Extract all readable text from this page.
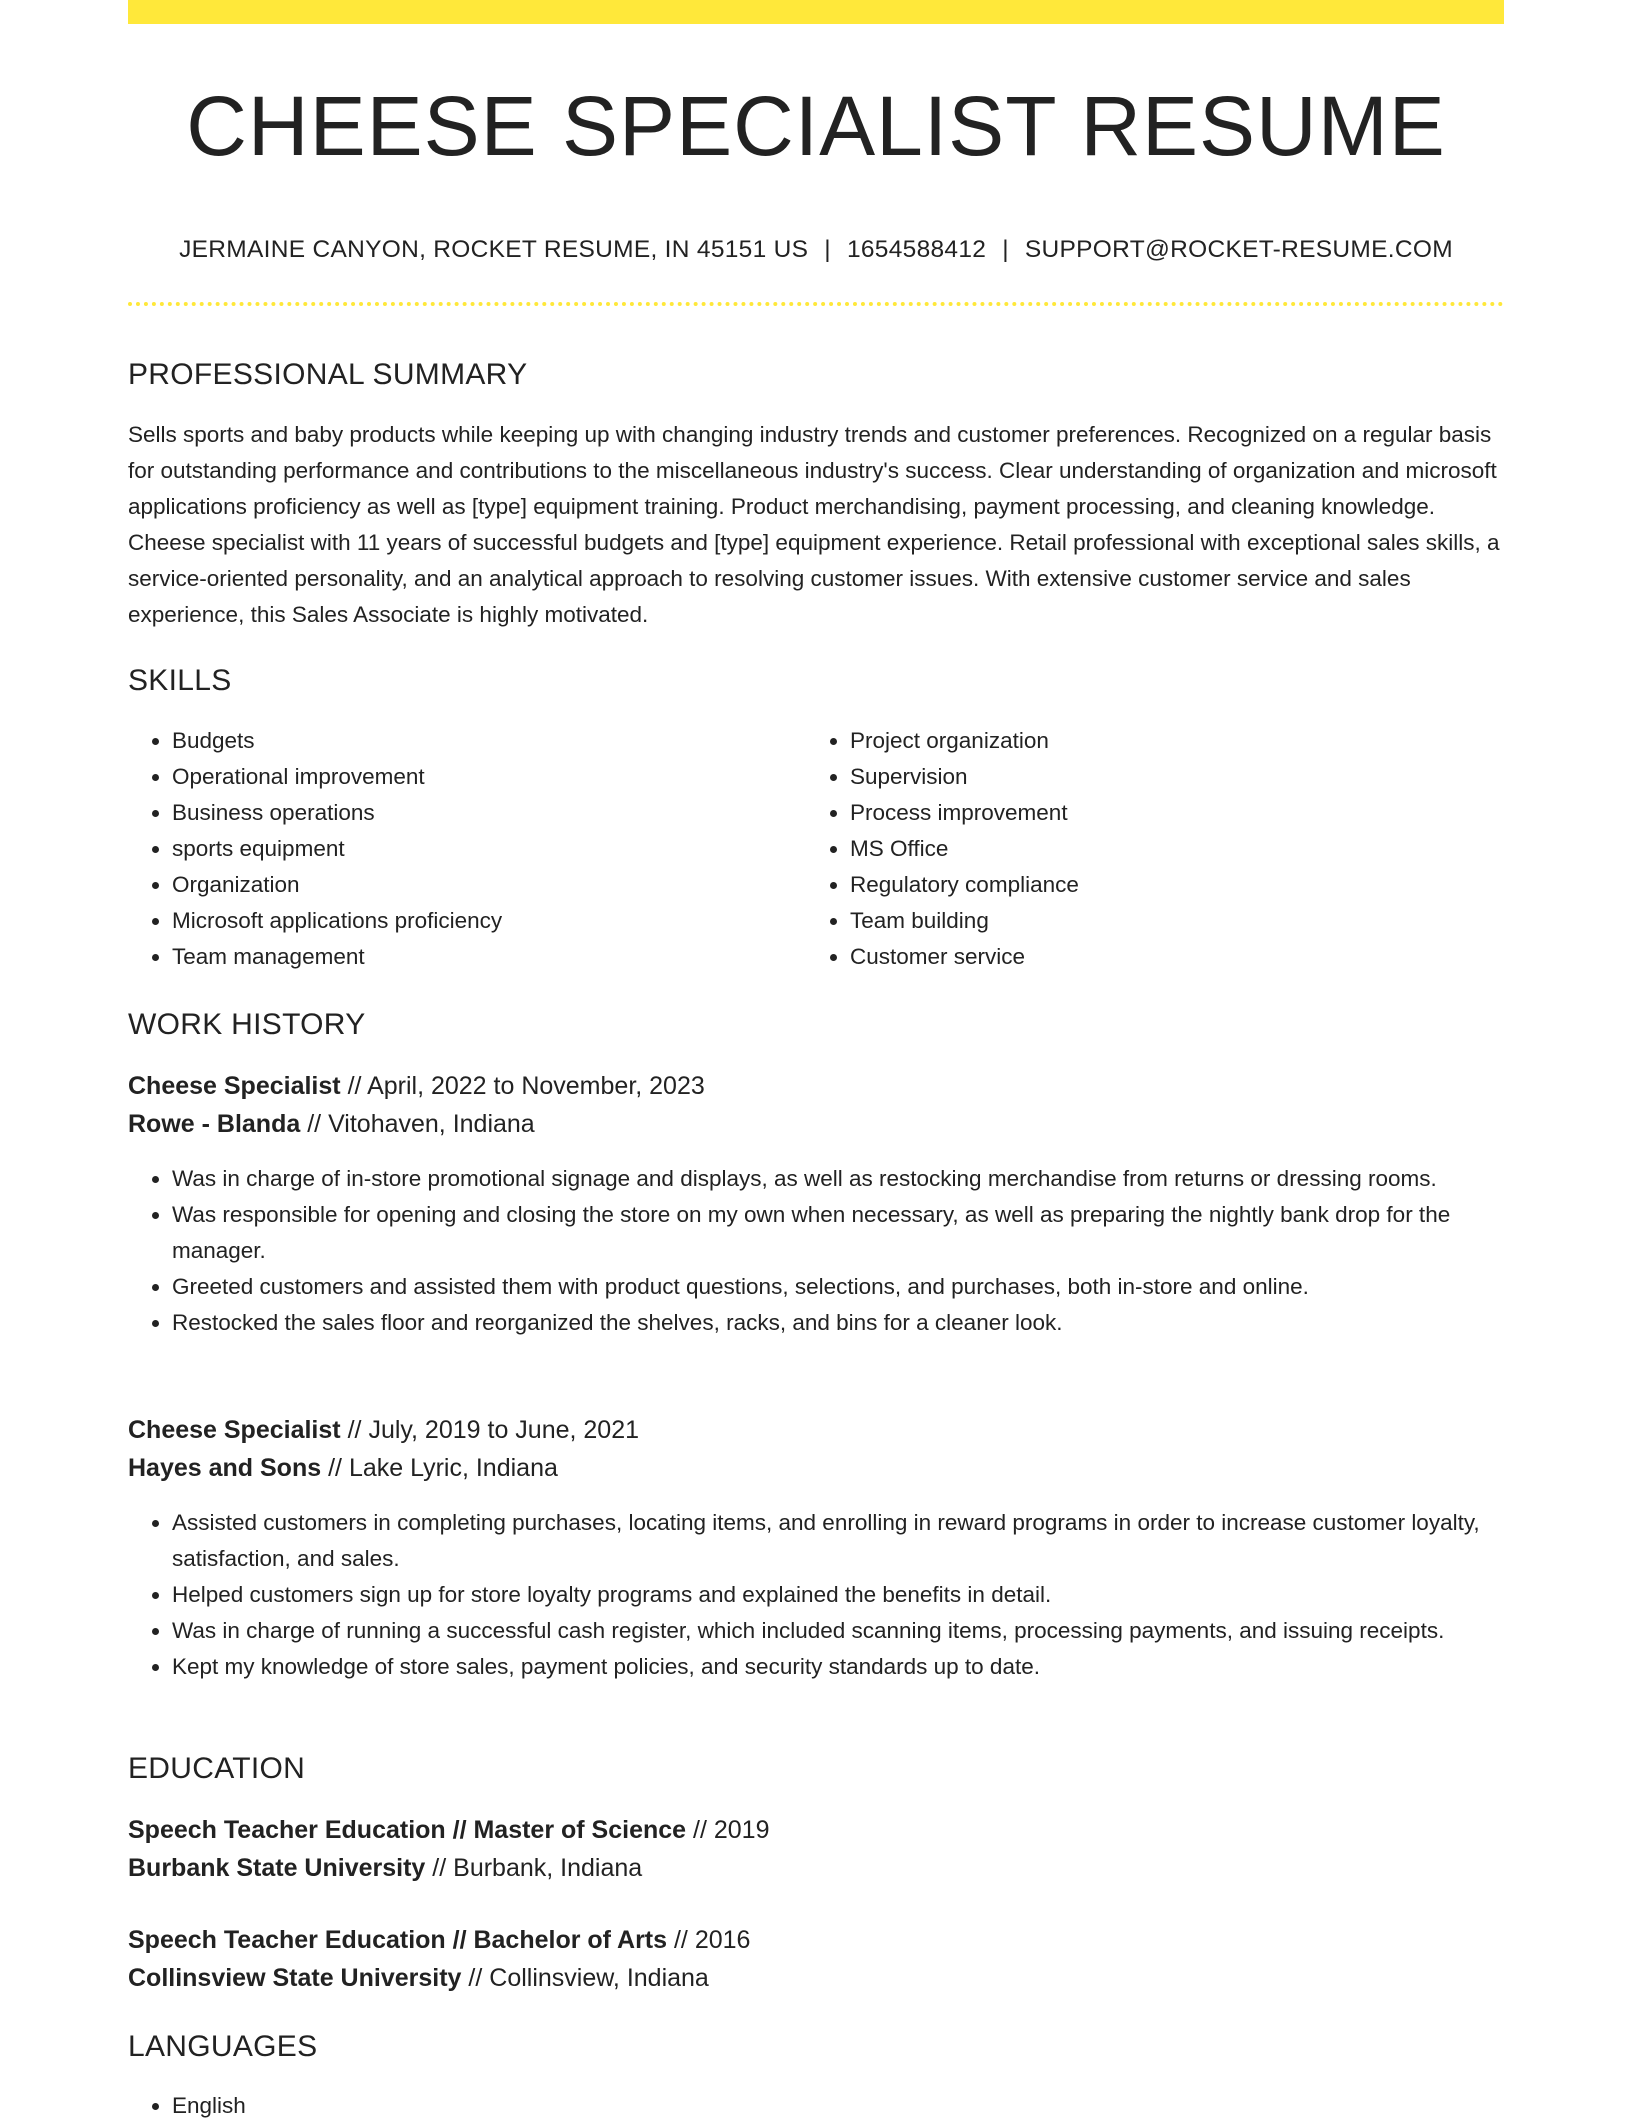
CHEESE SPECIALIST RESUME
JERMAINE CANYON, ROCKET RESUME, IN 45151 US | 1654588412 | SUPPORT@ROCKET-RESUME.COM
PROFESSIONAL SUMMARY

Sells sports and baby products while keeping up with changing industry trends and customer preferences. Recognized on a regular basis for outstanding performance and contributions to the miscellaneous industry's success. Clear understanding of organization and microsoft applications proficiency as well as [type] equipment training. Product merchandising, payment processing, and cleaning knowledge. Cheese specialist with 11 years of successful budgets and [type] equipment experience. Retail professional with exceptional sales skills, a service-oriented personality, and an analytical approach to resolving customer issues. With extensive customer service and sales experience, this Sales Associate is highly motivated.

SKILLS
• Budgets
• Operational improvement
• Business operations
• sports equipment
• Organization
• Microsoft applications proficiency
• Team management
• Project organization
• Supervision
• Process improvement
• MS Office
• Regulatory compliance
• Team building
• Customer service
WORK HISTORY
Cheese Specialist // April, 2022 to November, 2023
Rowe - Blanda // Vitohaven, Indiana
• Was in charge of in-store promotional signage and displays, as well as restocking merchandise from returns or dressing rooms.
• Was responsible for opening and closing the store on my own when necessary, as well as preparing the nightly bank drop for the manager.
• Greeted customers and assisted them with product questions, selections, and purchases, both in-store and online.
• Restocked the sales floor and reorganized the shelves, racks, and bins for a cleaner look.
Cheese Specialist // July, 2019 to June, 2021
Hayes and Sons // Lake Lyric, Indiana
• Assisted customers in completing purchases, locating items, and enrolling in reward programs in order to increase customer loyalty, satisfaction, and sales.
• Helped customers sign up for store loyalty programs and explained the benefits in detail.
• Was in charge of running a successful cash register, which included scanning items, processing payments, and issuing receipts.
• Kept my knowledge of store sales, payment policies, and security standards up to date.
EDUCATION
Speech Teacher Education // Master of Science // 2019
Burbank State University // Burbank, Indiana
Speech Teacher Education // Bachelor of Arts // 2016
Collinsview State University // Collinsview, Indiana
LANGUAGES
• English
